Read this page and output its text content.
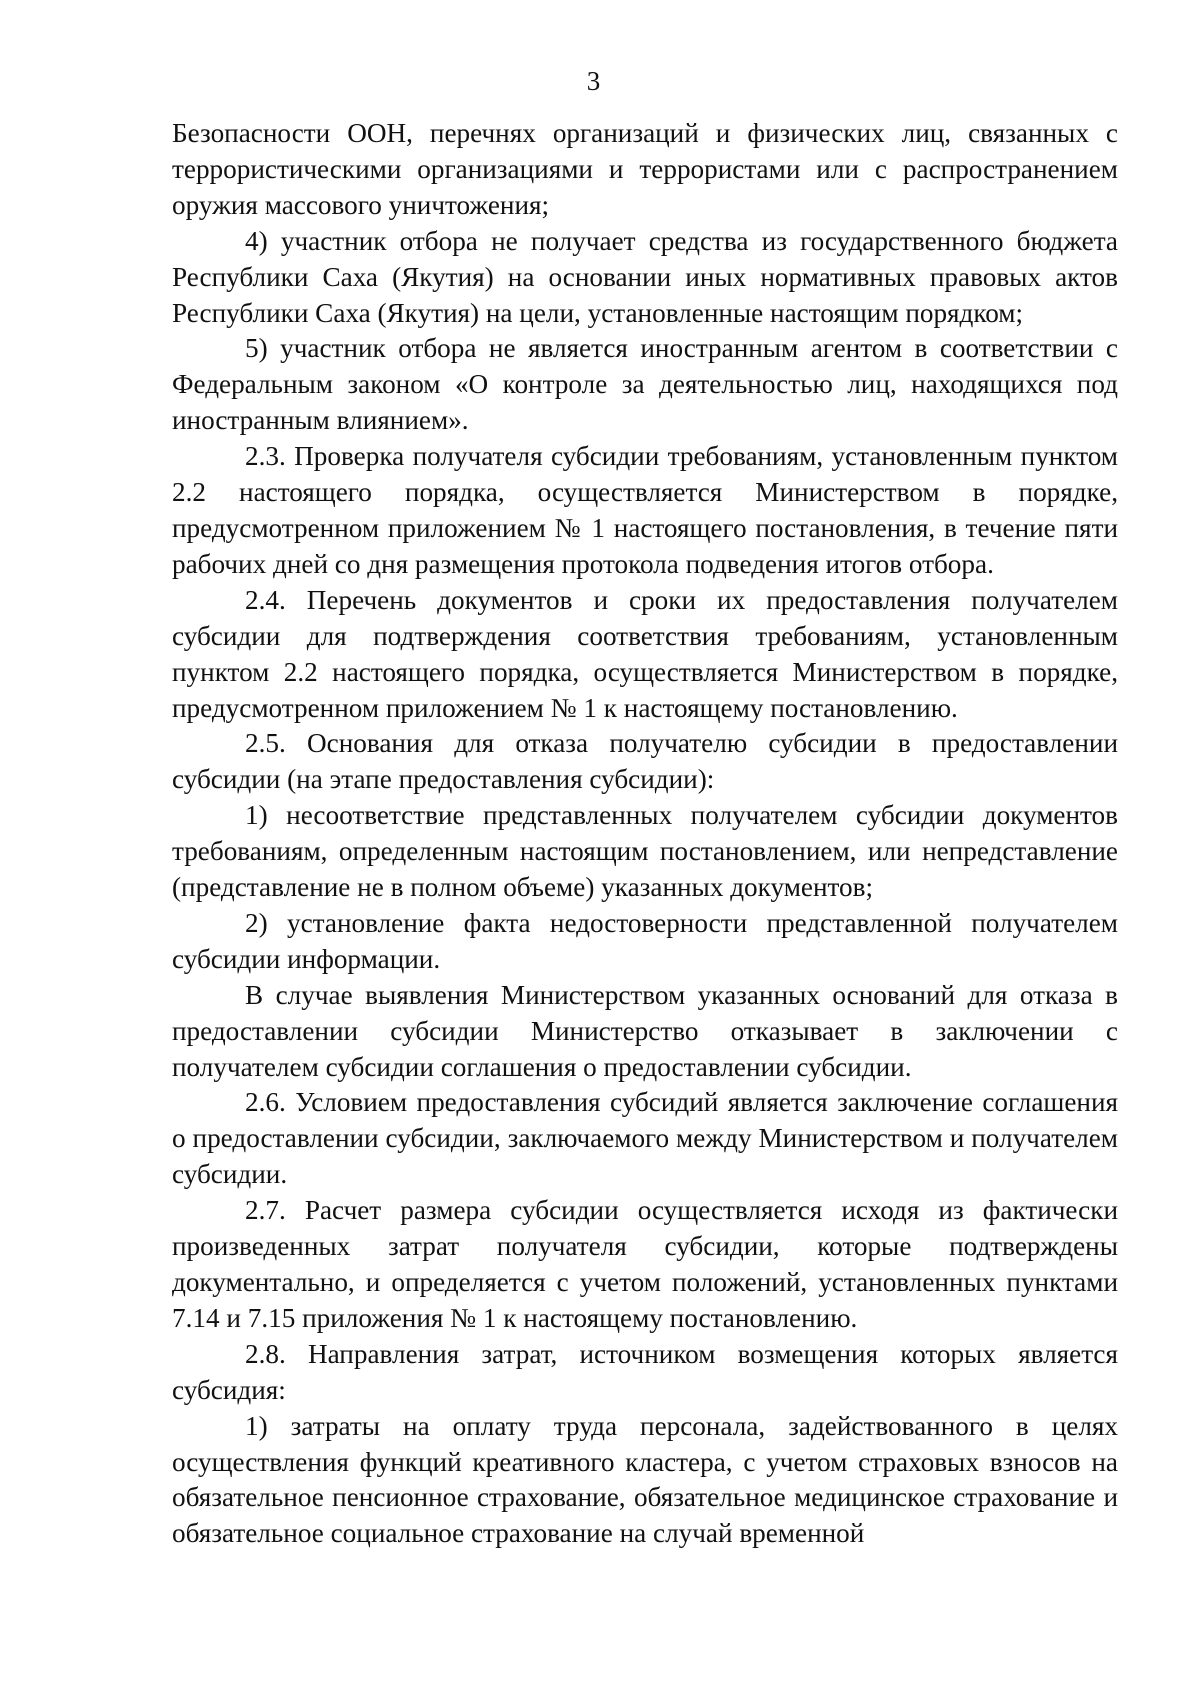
3

Безопасности ООН, перечнях организаций и физических лиц, связанных с террористическими организациями и террористами или с распространением оружия массового уничтожения;

4) участник отбора не получает средства из государственного бюджета Республики Саха (Якутия) на основании иных нормативных правовых актов Республики Саха (Якутия) на цели, установленные настоящим порядком;

5) участник отбора не является иностранным агентом в соответствии с Федеральным законом «О контроле за деятельностью лиц, находящихся под иностранным влиянием».

2.3. Проверка получателя субсидии требованиям, установленным пунктом 2.2 настоящего порядка, осуществляется Министерством в порядке, предусмотренном приложением № 1 настоящего постановления, в течение пяти рабочих дней со дня размещения протокола подведения итогов отбора.

2.4. Перечень документов и сроки их предоставления получателем субсидии для подтверждения соответствия требованиям, установленным пунктом 2.2 настоящего порядка, осуществляется Министерством в порядке, предусмотренном приложением № 1 к настоящему постановлению.

2.5. Основания для отказа получателю субсидии в предоставлении субсидии (на этапе предоставления субсидии):

1) несоответствие представленных получателем субсидии документов требованиям, определенным настоящим постановлением, или непредставление (представление не в полном объеме) указанных документов;

2) установление факта недостоверности представленной получателем субсидии информации.

В случае выявления Министерством указанных оснований для отказа в предоставлении субсидии Министерство отказывает в заключении с получателем субсидии соглашения о предоставлении субсидии.

2.6. Условием предоставления субсидий является заключение соглашения о предоставлении субсидии, заключаемого между Министерством и получателем субсидии.

2.7. Расчет размера субсидии осуществляется исходя из фактически произведенных затрат получателя субсидии, которые подтверждены документально, и определяется с учетом положений, установленных пунктами 7.14 и 7.15 приложения № 1 к настоящему постановлению.

2.8. Направления затрат, источником возмещения которых является субсидия:

1) затраты на оплату труда персонала, задействованного в целях осуществления функций креативного кластера, с учетом страховых взносов на обязательное пенсионное страхование, обязательное медицинское страхование и обязательное социальное страхование на случай временной
